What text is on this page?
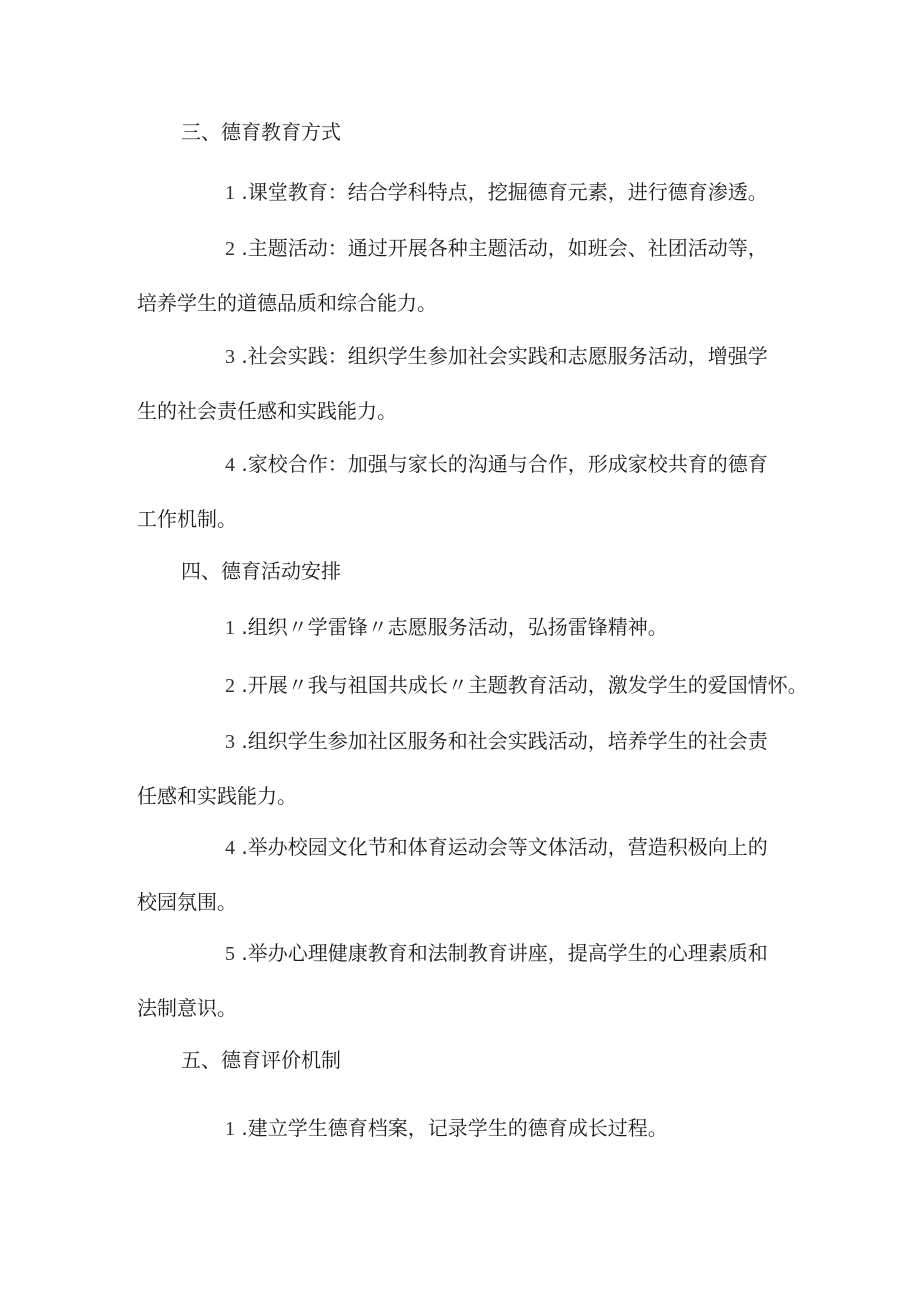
三、德育教育方式

1 .课堂教育：结合学科特点，挖掘德育元素，进行德育渗透。

2 .主题活动：通过开展各种主题活动，如班会、社团活动等，培养学生的道德品质和综合能力。

3 .社会实践：组织学生参加社会实践和志愿服务活动，增强学生的社会责任感和实践能力。

4 .家校合作：加强与家长的沟通与合作，形成家校共育的德育工作机制。

四、德育活动安排

1 .组织〃学雷锋〃志愿服务活动，弘扬雷锋精神。

2 .开展〃我与祖国共成长〃主题教育活动，激发学生的爱国情怀。

3 .组织学生参加社区服务和社会实践活动，培养学生的社会责任感和实践能力。

4 .举办校园文化节和体育运动会等文体活动，营造积极向上的校园氛围。

5 .举办心理健康教育和法制教育讲座，提高学生的心理素质和法制意识。

五、德育评价机制

1 .建立学生德育档案，记录学生的德育成长过程。
